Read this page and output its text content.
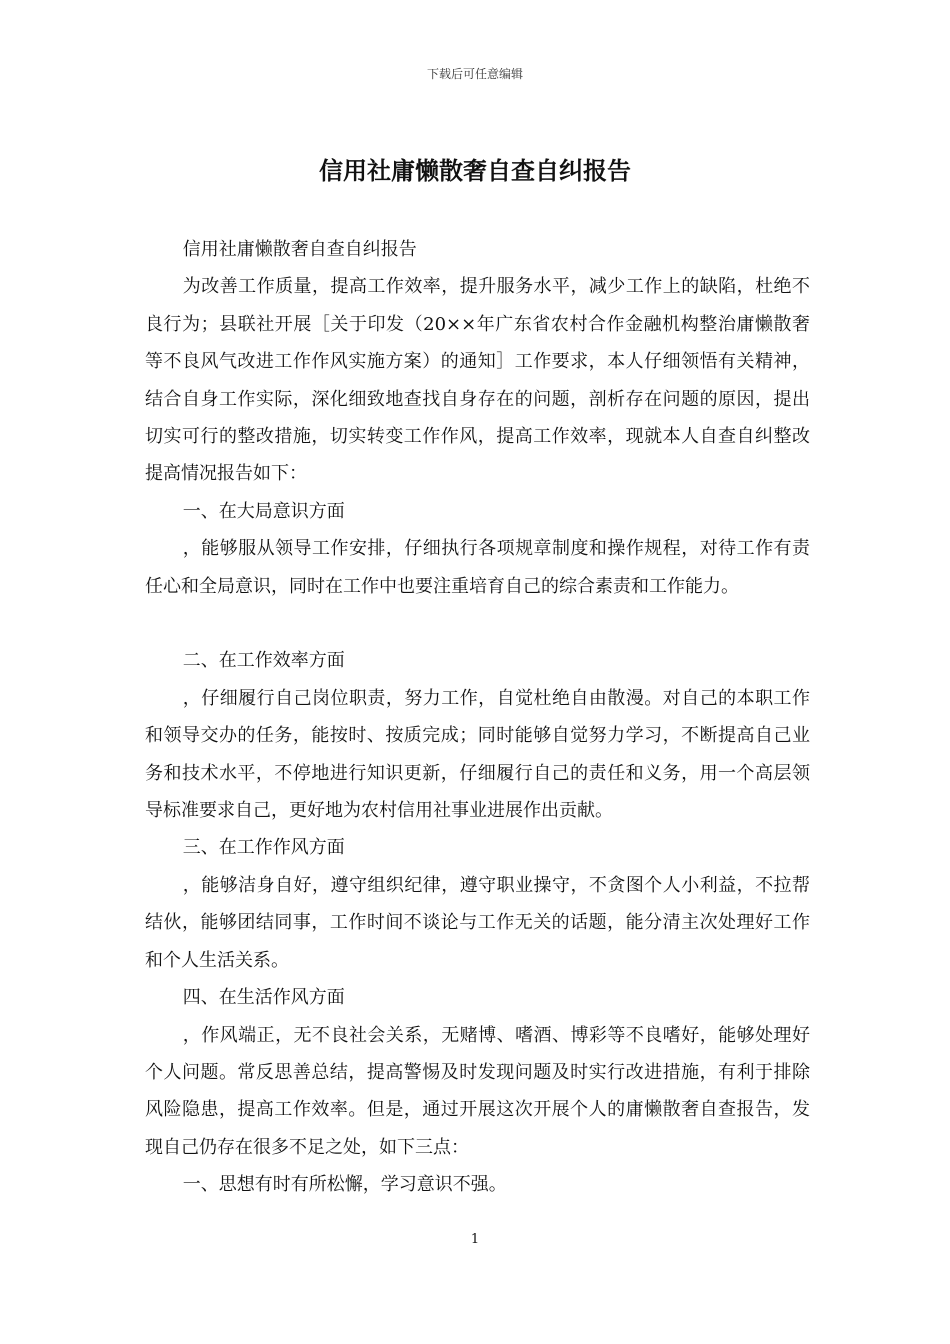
下载后可任意编辑
信用社庸懒散奢自查自纠报告

信用社庸懒散奢自查自纠报告

为改善工作质量，提高工作效率，提升服务水平，减少工作上的缺陷，杜绝不良行为；县联社开展［关于印发（20××年广东省农村合作金融机构整治庸懒散奢等不良风气改进工作作风实施方案）的通知］工作要求，本人仔细领悟有关精神，结合自身工作实际，深化细致地查找自身存在的问题，剖析存在问题的原因，提出切实可行的整改措施，切实转变工作作风，提高工作效率，现就本人自查自纠整改提高情况报告如下：

一、在大局意识方面

，能够服从领导工作安排，仔细执行各项规章制度和操作规程，对待工作有责任心和全局意识，同时在工作中也要注重培育自己的综合素责和工作能力。

二、在工作效率方面

，仔细履行自己岗位职责，努力工作，自觉杜绝自由散漫。对自己的本职工作和领导交办的任务，能按时、按质完成；同时能够自觉努力学习，不断提高自己业务和技术水平，不停地进行知识更新，仔细履行自己的责任和义务，用一个高层领导标准要求自己，更好地为农村信用社事业进展作出贡献。

三、在工作作风方面

，能够洁身自好，遵守组织纪律，遵守职业操守，不贪图个人小利益，不拉帮结伙，能够团结同事，工作时间不谈论与工作无关的话题，能分清主次处理好工作和个人生活关系。

四、在生活作风方面

，作风端正，无不良社会关系，无赌博、嗜酒、博彩等不良嗜好，能够处理好个人问题。常反思善总结，提高警惕及时发现问题及时实行改进措施，有利于排除风险隐患，提高工作效率。但是，通过开展这次开展个人的庸懒散奢自查报告，发现自己仍存在很多不足之处，如下三点：

一、思想有时有所松懈，学习意识不强。

1
